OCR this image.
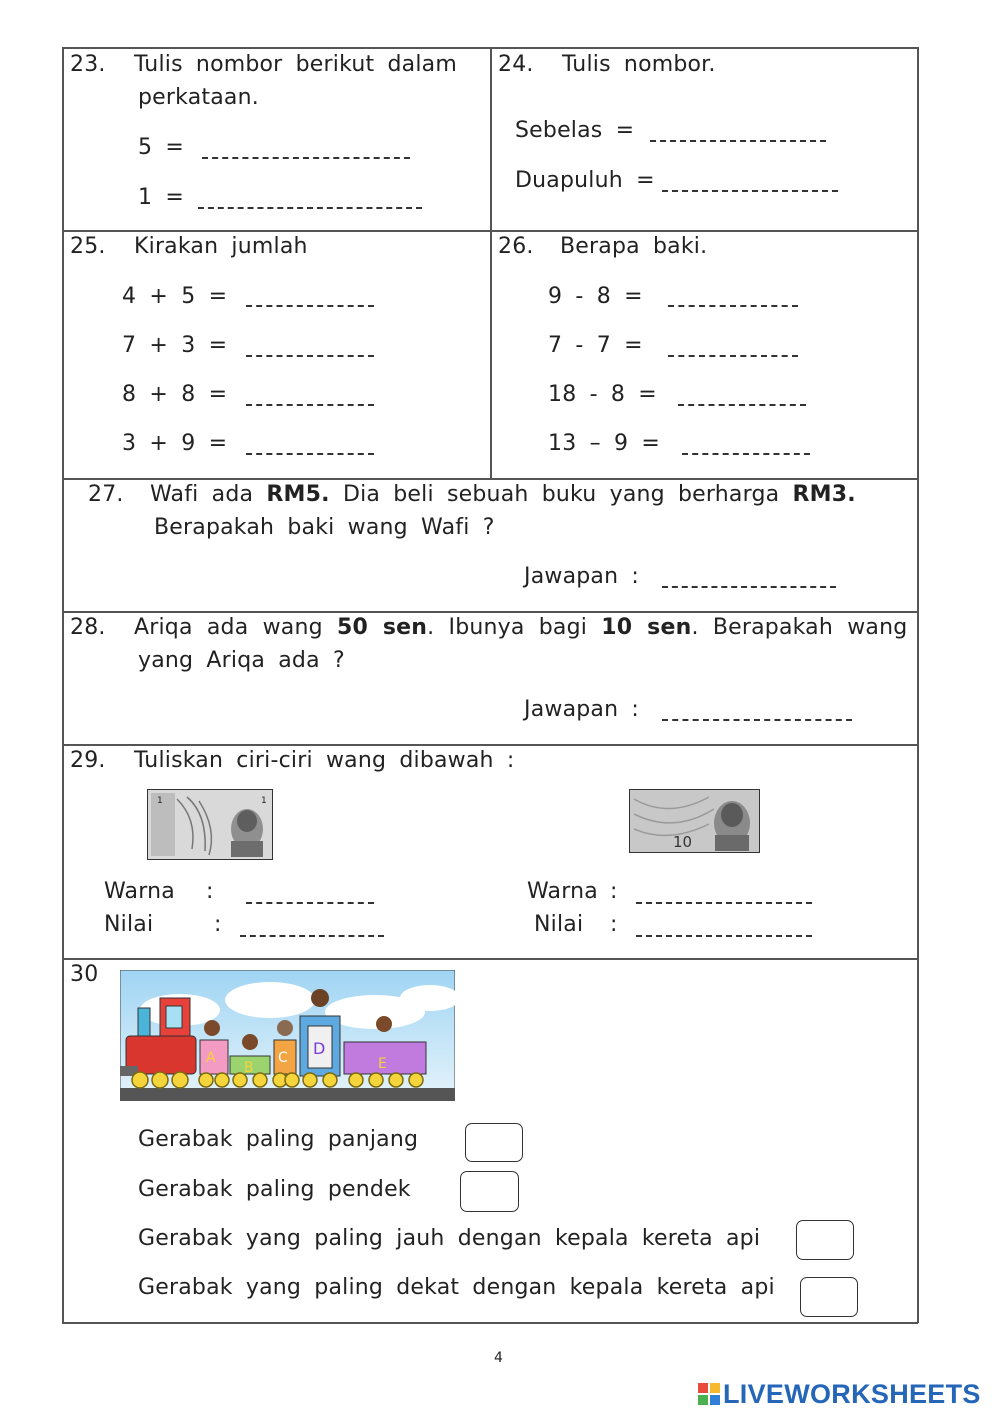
23. Tulis nombor berikut dalam
perkataan.
5 =
1 =
24. Tulis nombor.
Sebelas =
Duapuluh =
25. Kirakan jumlah
4 + 5 =
7 + 3 =
8 + 8 =
3 + 9 =
26. Berapa baki.
9 - 8 =
7 - 7 =
18 - 8 =
13 – 9 =
27. Wafi ada RM5. Dia beli sebuah buku yang berharga RM3.
Berapakah baki wang Wafi ?
Jawapan :
28. Ariqa ada wang 50 sen. Ibunya bagi 10 sen. Berapakah wang
yang Ariqa ada ?
Jawapan :
29. Tuliskan ciri-ciri wang dibawah :
1	1
10
Warna :
Nilai	:
Warna :
Nilai :
30
A
B
C D
E
Gerabak paling panjang
Gerabak paling pendek
Gerabak yang paling jauh dengan kepala kereta api
Gerabak yang paling dekat dengan kepala kereta api
4
LIVEWORKSHEETS
